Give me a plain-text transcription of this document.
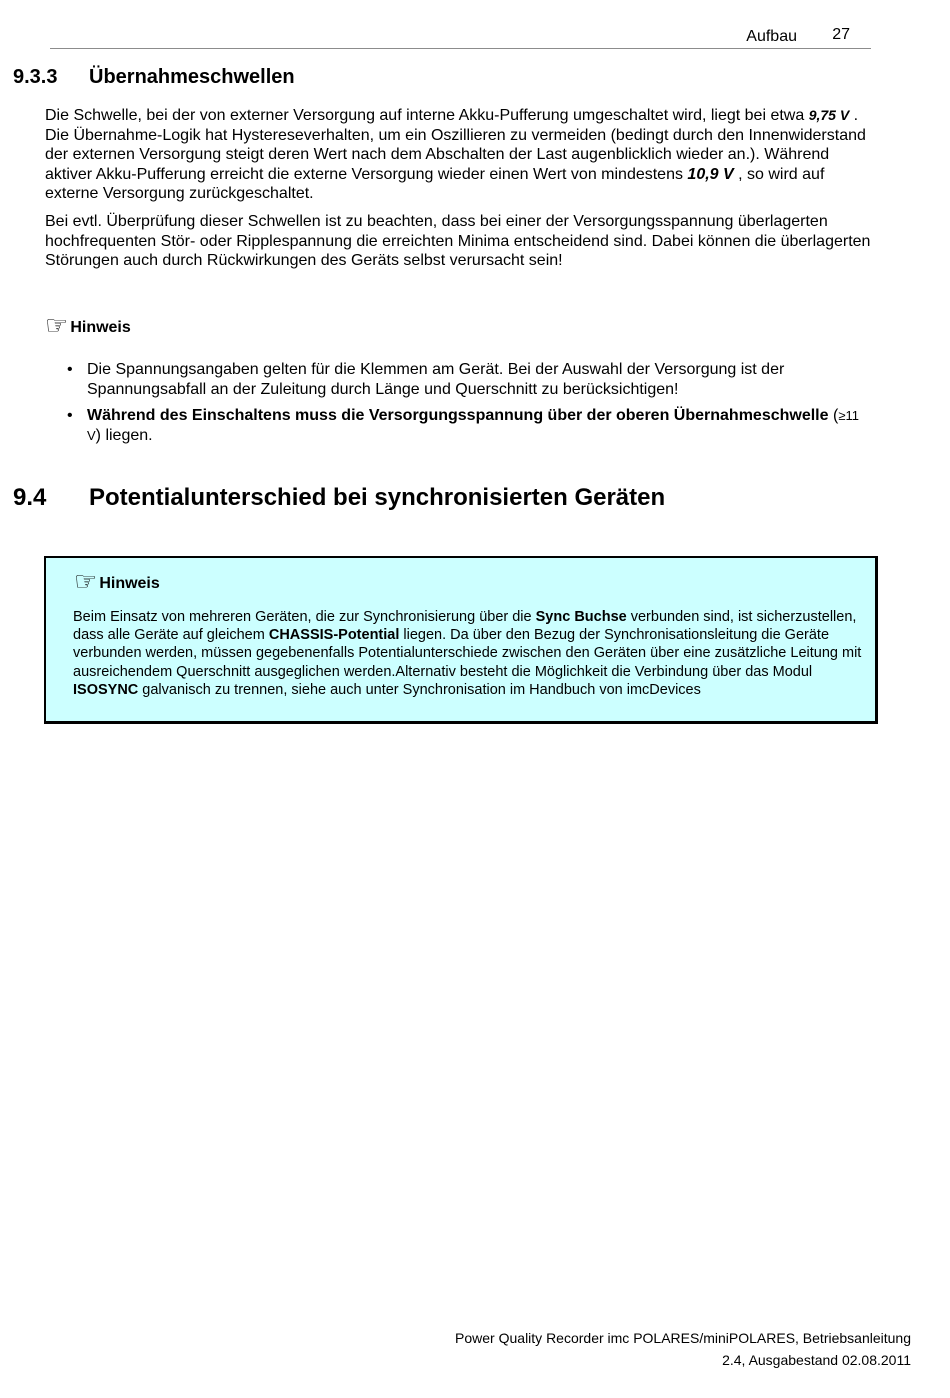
Aufbau 27
9.3.3 Übernahmeschwellen

Die Schwelle, bei der von externer Versorgung auf interne Akku-Pufferung umgeschaltet wird, liegt bei etwa 9,75 V . Die Übernahme-Logik hat Hystereseverhalten, um ein Oszillieren zu vermeiden (bedingt durch den Innenwiderstand der externen Versorgung steigt deren Wert nach dem Abschalten der Last augenblicklich wieder an.). Während aktiver Akku-Pufferung erreicht die externe Versorgung wieder einen Wert von mindestens 10,9 V , so wird auf externe Versorgung zurückgeschaltet.

Bei evtl. Überprüfung dieser Schwellen ist zu beachten, dass bei einer der Versorgungsspannung überlagerten hochfrequenten Stör- oder Ripplespannung die erreichten Minima entscheidend sind. Dabei können die überlagerten Störungen auch durch Rückwirkungen des Geräts selbst verursacht sein!

☞ Hinweis
• Die Spannungsangaben gelten für die Klemmen am Gerät. Bei der Auswahl der Versorgung ist der Spannungsabfall an der Zuleitung durch Länge und Querschnitt zu berücksichtigen!
• Während des Einschaltens muss die Versorgungsspannung über der oberen Übernahmeschwelle (≥11 V) liegen.
9.4 Potentialunterschied bei synchronisierten Geräten
☞ Hinweis

Beim Einsatz von mehreren Geräten, die zur Synchronisierung über die Sync Buchse verbunden sind, ist sicherzustellen, dass alle Geräte auf gleichem CHASSIS-Potential liegen. Da über den Bezug der Synchronisationsleitung die Geräte verbunden werden, müssen gegebenenfalls Potentialunterschiede zwischen den Geräten über eine zusätzliche Leitung mit ausreichendem Querschnitt ausgeglichen werden.Alternativ besteht die Möglichkeit die Verbindung über das Modul ISOSYNC galvanisch zu trennen, siehe auch unter Synchronisation im Handbuch von imcDevices

Power Quality Recorder imc POLARES/miniPOLARES, Betriebsanleitung
2.4, Ausgabestand 02.08.2011
